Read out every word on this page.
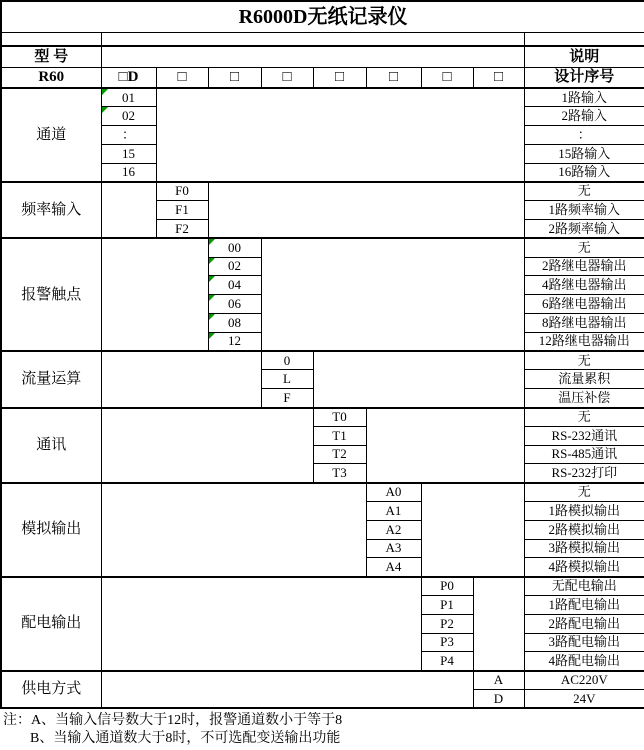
R6000D无纸记录仪									

型 号									说明
R60	□D	□	□	□	□	□	□	□	设计序号
通道	01								1路输入
	02								2路输入
	：								：
	15								15路输入
	16								16路输入
频率输入		F0							无
		F1							1路频率输入
		F2							2路频率输入
报警触点			00						无
			02						2路继电器输出
			04						4路继电器输出
			06						6路继电器输出
			08						8路继电器输出
			12						12路继电器输出
流量运算				0					无
				L					流量累积
				F					温压补偿
通讯					T0				无
					T1				RS-232通讯
					T2				RS-485通讯
					T3				RS-232打印
模拟输出						A0			无
						A1			1路模拟输出
						A2			2路模拟输出
						A3			3路模拟输出
						A4			4路模拟输出
配电输出							P0		无配电输出
							P1		1路配电输出
							P2		2路配电输出
							P3		3路配电输出
							P4		4路配电输出
供电方式								A	AC220V
								D	24V
注：A、当输入信号数大于12时，报警通道数小于等于8
B、当输入通道数大于8时，不可选配变送输出功能
